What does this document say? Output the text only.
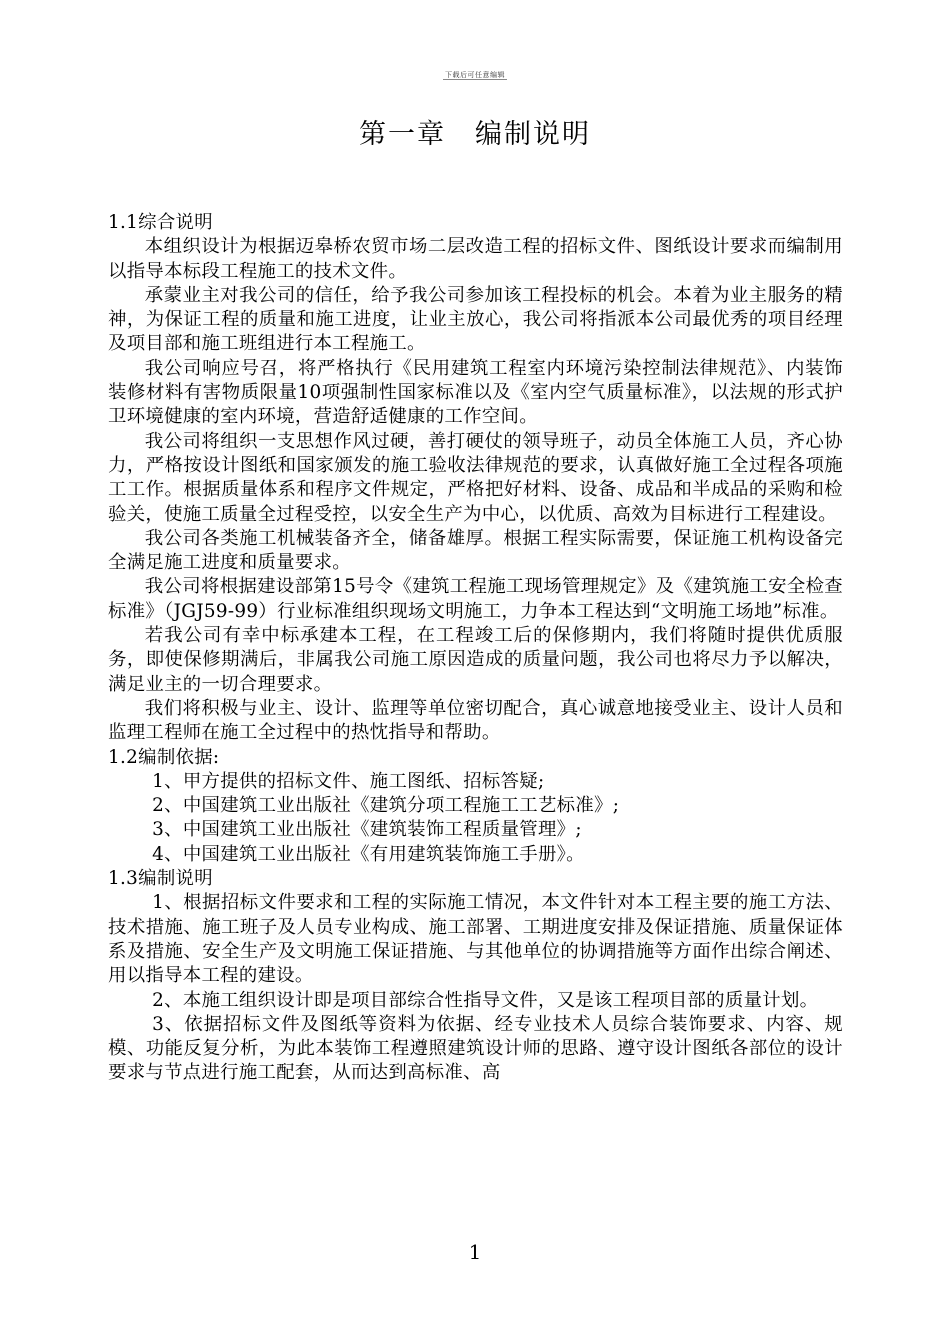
下载后可任意编辑
第一章　编制说明

1.1综合说明

本组织设计为根据迈皋桥农贸市场二层改造工程的招标文件、图纸设计要求而编制用以指导本标段工程施工的技术文件。

承蒙业主对我公司的信任，给予我公司参加该工程投标的机会。本着为业主服务的精神，为保证工程的质量和施工进度，让业主放心，我公司将指派本公司最优秀的项目经理及项目部和施工班组进行本工程施工。

我公司响应号召，将严格执行《民用建筑工程室内环境污染控制法律规范》、内装饰装修材料有害物质限量10项强制性国家标准以及《室内空气质量标准》，以法规的形式护卫环境健康的室内环境，营造舒适健康的工作空间。

我公司将组织一支思想作风过硬，善打硬仗的领导班子，动员全体施工人员，齐心协力，严格按设计图纸和国家颁发的施工验收法律规范的要求，认真做好施工全过程各项施工工作。根据质量体系和程序文件规定，严格把好材料、设备、成品和半成品的采购和检验关，使施工质量全过程受控，以安全生产为中心，以优质、高效为目标进行工程建设。

我公司各类施工机械装备齐全，储备雄厚。根据工程实际需要，保证施工机构设备完全满足施工进度和质量要求。

我公司将根据建设部第15号令《建筑工程施工现场管理规定》及《建筑施工安全检查标准》（JGJ59-99）行业标准组织现场文明施工，力争本工程达到“文明施工场地”标准。

若我公司有幸中标承建本工程，在工程竣工后的保修期内，我们将随时提供优质服务，即使保修期满后，非属我公司施工原因造成的质量问题，我公司也将尽力予以解决，满足业主的一切合理要求。

我们将积极与业主、设计、监理等单位密切配合，真心诚意地接受业主、设计人员和监理工程师在施工全过程中的热忱指导和帮助。

1.2编制依据:

1、甲方提供的招标文件、施工图纸、招标答疑;

2、中国建筑工业出版社《建筑分项工程施工工艺标准》;

3、中国建筑工业出版社《建筑装饰工程质量管理》;

4、中国建筑工业出版社《有用建筑装饰施工手册》。

1.3编制说明

1、根据招标文件要求和工程的实际施工情况，本文件针对本工程主要的施工方法、技术措施、施工班子及人员专业构成、施工部署、工期进度安排及保证措施、质量保证体系及措施、安全生产及文明施工保证措施、与其他单位的协调措施等方面作出综合阐述、用以指导本工程的建设。

2、本施工组织设计即是项目部综合性指导文件，又是该工程项目部的质量计划。

3、依据招标文件及图纸等资料为依据、经专业技术人员综合装饰要求、内容、规模、功能反复分析，为此本装饰工程遵照建筑设计师的思路、遵守设计图纸各部位的设计要求与节点进行施工配套，从而达到高标准、高

1
